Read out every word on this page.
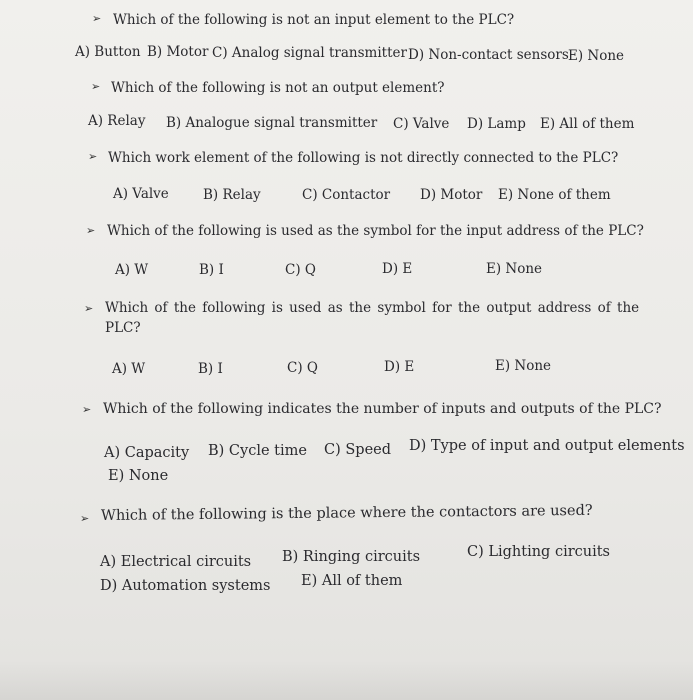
➢ Which of the following is not an input element to the PLC?
A) Button B) Motor C) Analog signal transmitter D) Non-contact sensors E) None
➢ Which of the following is not an output element?
A) Relay B) Analogue signal transmitter C) Valve D) Lamp E) All of them
➢ Which work element of the following is not directly connected to the PLC?
A) Valve	B) Relay	C) Contactor D) Motor E) None of them
➢ Which of the following is used as the symbol for the input address of the PLC?
A) W	B) I	C) Q	D) E	E) None
➢ Which of the following is used as the symbol for the output address of the
PLC?
A) W	B) I	C) Q	D) E	E) None
➢ Which of the following indicates the number of inputs and outputs of the PLC?
A) Capacity B) Cycle time C) Speed D) Type of input and output elements
E) None
➢ Which of the following is the place where the contactors are used?
A) Electrical circuits B) Ringing circuits	C) Lighting circuits
D) Automation systems E) All of them
